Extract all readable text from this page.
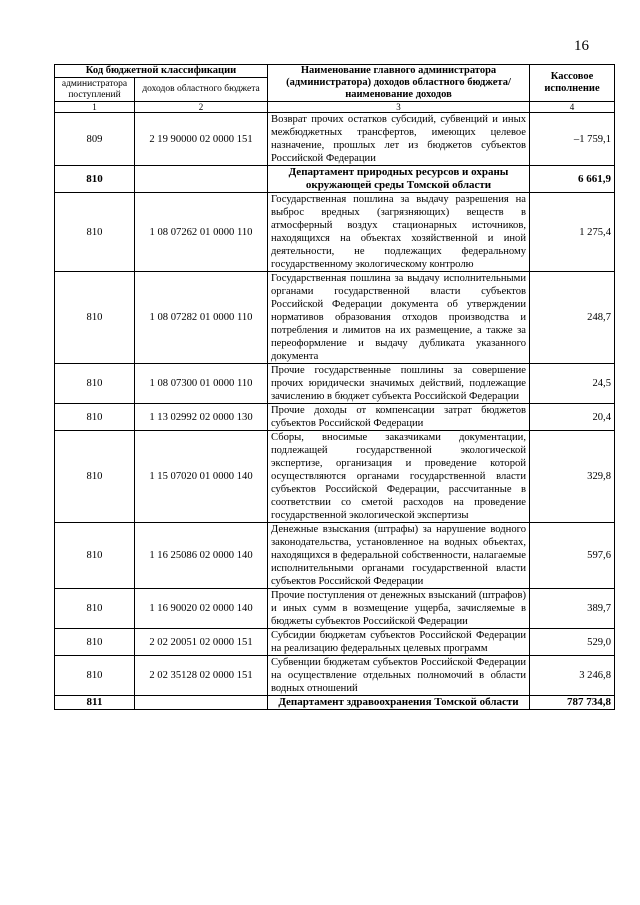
16
Код бюджетной классификации		Наименование главного администратора (администратора) доходов областного бюджета/ наименование доходов	Кассовое исполнение
администратора поступлений	доходов областного бюджета		
1	2	3	4
809	2 19 90000 02 0000 151	Возврат прочих остатков субсидий, субвенций и иных межбюджетных трансфертов, имеющих целевое назначение, прошлых лет из бюджетов субъектов Российской Федерации	–1 759,1
810		Департамент природных ресурсов и охраны окружающей среды Томской области	6 661,9
810	1 08 07262 01 0000 110	Государственная пошлина за выдачу разрешения на выброс вредных (загрязняющих) веществ в атмосферный воздух стационарных источников, находящихся на объектах хозяйственной и иной деятельности, не подлежащих федеральному государственному экологическому контролю	1 275,4
810	1 08 07282 01 0000 110	Государственная пошлина за выдачу исполнительными органами государственной власти субъектов Российской Федерации документа об утверждении нормативов образования отходов производства и потребления и лимитов на их размещение, а также за переоформление и выдачу дубликата указанного документа	248,7
810	1 08 07300 01 0000 110	Прочие государственные пошлины за совершение прочих юридически значимых действий, подлежащие зачислению в бюджет субъекта Российской Федерации	24,5
810	1 13 02992 02 0000 130	Прочие доходы от компенсации затрат бюджетов субъектов Российской Федерации	20,4
810	1 15 07020 01 0000 140	Сборы, вносимые заказчиками документации, подлежащей государственной экологической экспертизе, организация и проведение которой осуществляются органами государственной власти субъектов Российской Федерации, рассчитанные в соответствии со сметой расходов на проведение государственной экологической экспертизы	329,8
810	1 16 25086 02 0000 140	Денежные взыскания (штрафы) за нарушение водного законодательства, установленное на водных объектах, находящихся в федеральной собственности, налагаемые исполнительными органами государственной власти субъектов Российской Федерации	597,6
810	1 16 90020 02 0000 140	Прочие поступления от денежных взысканий (штрафов) и иных сумм в возмещение ущерба, зачисляемые в бюджеты субъектов Российской Федерации	389,7
810	2 02 20051 02 0000 151	Субсидии бюджетам субъектов Российской Федерации на реализацию федеральных целевых программ	529,0
810	2 02 35128 02 0000 151	Субвенции бюджетам субъектов Российской Федерации на осуществление отдельных полномочий в области водных отношений	3 246,8
811		Департамент здравоохранения Томской области	787 734,8
